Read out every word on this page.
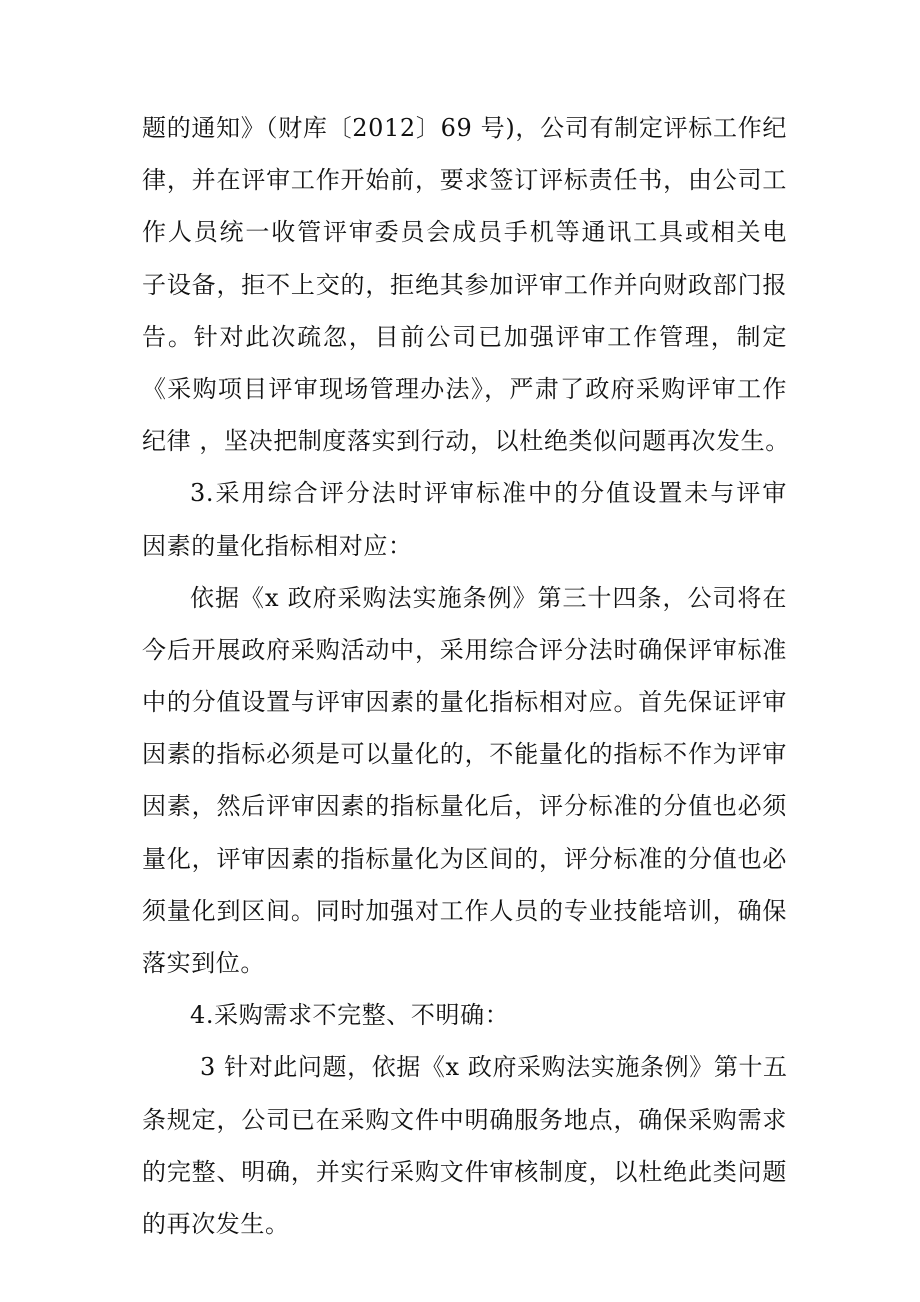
题的通知》（财库〔2012〕69 号)，公司有制定评标工作纪
律，并在评审工作开始前，要求签订评标责任书，由公司工
作人员统一收管评审委员会成员手机等通讯工具或相关电
子设备，拒不上交的，拒绝其参加评审工作并向财政部门报
告。针对此次疏忽，目前公司已加强评审工作管理，制定
《采购项目评审现场管理办法》，严肃了政府采购评审工作
纪律 ，坚决把制度落实到行动，以杜绝类似问题再次发生。
3.采用综合评分法时评审标准中的分值设置未与评审
因素的量化指标相对应：
依据《x 政府采购法实施条例》第三十四条，公司将在
今后开展政府采购活动中，采用综合评分法时确保评审标准
中的分值设置与评审因素的量化指标相对应。首先保证评审
因素的指标必须是可以量化的，不能量化的指标不作为评审
因素，然后评审因素的指标量化后，评分标准的分值也必须
量化，评审因素的指标量化为区间的，评分标准的分值也必
须量化到区间。同时加强对工作人员的专业技能培训，确保
落实到位。
4.采购需求不完整、不明确：
3 针对此问题，依据《x 政府采购法实施条例》第十五
条规定，公司已在采购文件中明确服务地点，确保采购需求
的完整、明确，并实行采购文件审核制度，以杜绝此类问题
的再次发生。
